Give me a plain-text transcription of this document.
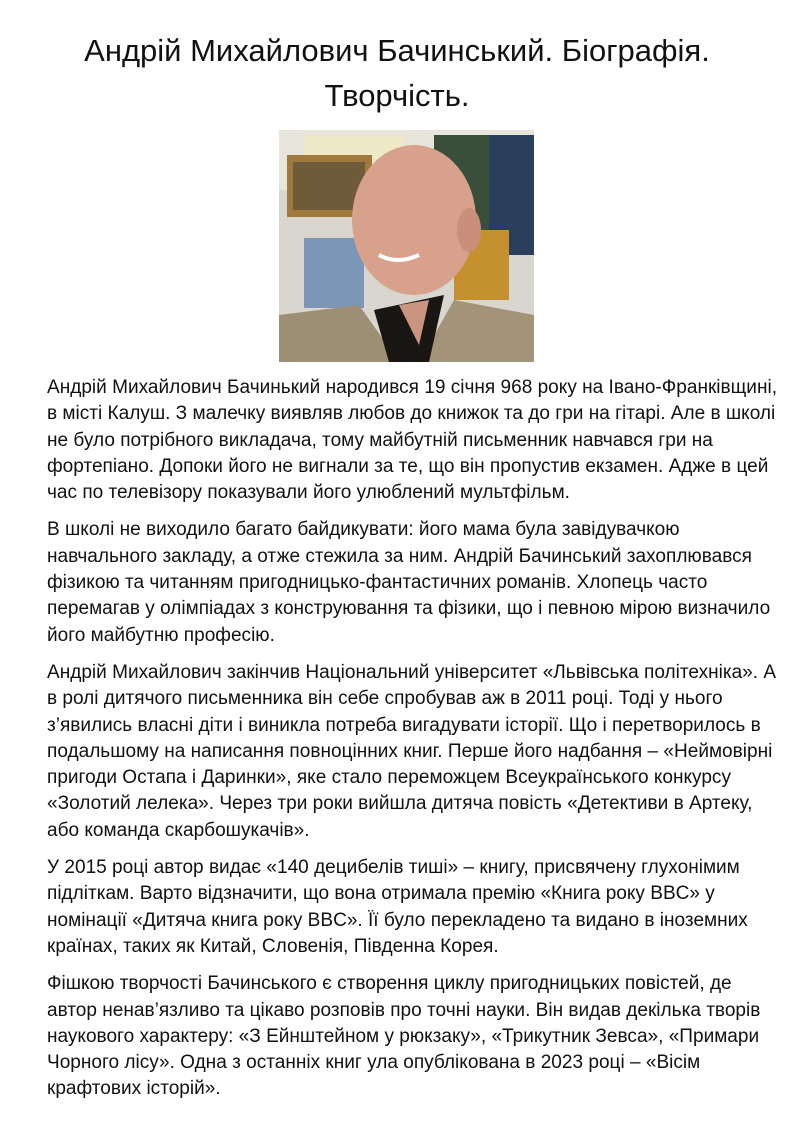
Андрій Михайлович Бачинський. Біографія.
Творчість.
Андрій Михайлович Бачинький народився 19 січня 968 року на Івано-Франківщині,
в місті Калуш. З малечку виявляв любов до книжок та до гри на гітарі. Але в школі
не було потрібного викладача, тому майбутній письменник навчався гри на
фортепіано. Допоки його не вигнали за те, що він пропустив екзамен. Адже в цей
час по телевізору показували його улюблений мультфільм.
В школі не виходило багато байдикувати: його мама була завідувачкою
навчального закладу, а отже стежила за ним. Андрій Бачинський захоплювався
фізикою та читанням пригодницько-фантастичних романів. Хлопець часто
перемагав у олімпіадах з конструювання та фізики, що і певною мірою визначило
його майбутню професію.
Андрій Михайлович закінчив Національний університет «Львівська політехніка». А
в ролі дитячого письменника він себе спробував аж в 2011 році. Тоді у нього
з’явились власні діти і виникла потреба вигадувати історії. Що і перетворилось в
подальшому на написання повноцінних книг. Перше його надбання – «Неймовірні
пригоди Остапа і Даринки», яке стало переможцем Всеукраїнського конкурсу
«Золотий лелека». Через три роки вийшла дитяча повість «Детективи в Артеку,
або команда скарбошукачів».
У 2015 році автор видає «140 децибелів тиші» – книгу, присвячену глухонімим
підліткам. Варто відзначити, що вона отримала премію «Книга року BBC» у
номінації «Дитяча книга року BBC». Її було перекладено та видано в іноземних
країнах, таких як Китай, Словенія, Південна Корея.
Фішкою творчості Бачинського є створення циклу пригодницьких повістей, де
автор ненав’язливо та цікаво розповів про точні науки. Він видав декілька творів
наукового характеру: «З Ейнштейном у рюкзаку», «Трикутник Зевса», «Примари
Чорного лісу». Одна з останніх книг ула опублікована в 2023 році – «Вісім
крафтових історій».
